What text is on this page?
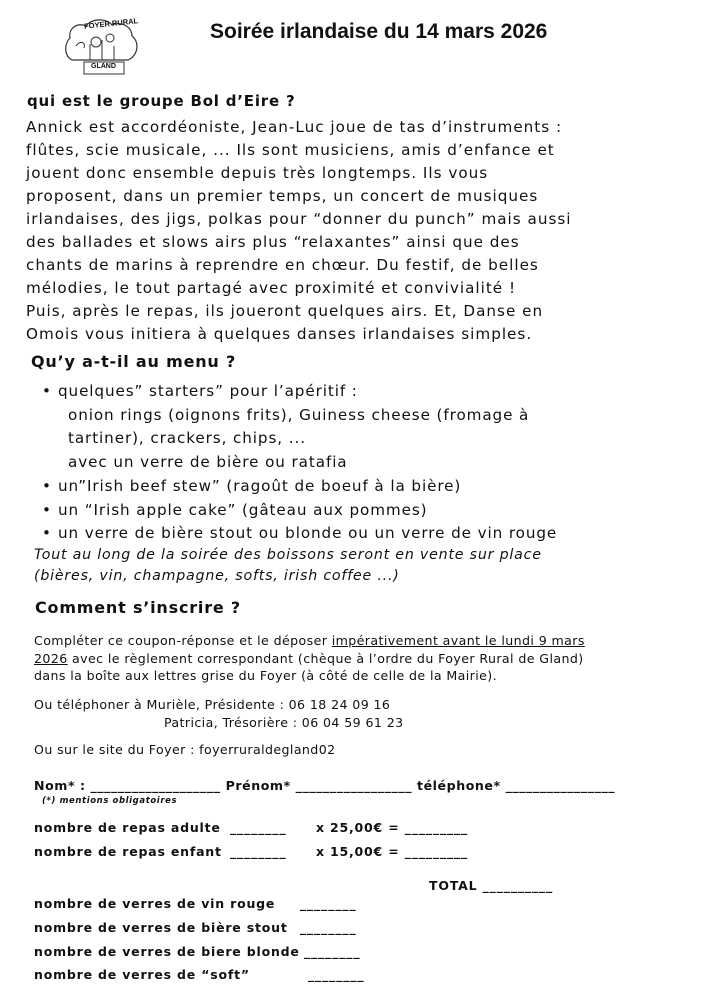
FOYER RURAL
GLAND
Soirée irlandaise du 14 mars 2026
qui est le groupe Bol d’Eire ?
Annick est accordéoniste, Jean-Luc joue de tas d’instruments :
flûtes, scie musicale, ... Ils sont musiciens, amis d’enfance et
jouent donc ensemble depuis très longtemps. Ils vous
proposent, dans un premier temps, un concert de musiques
irlandaises, des jigs, polkas pour “donner du punch” mais aussi
des ballades et slows airs plus “relaxantes” ainsi que des
chants de marins à reprendre en chœur. Du festif, de belles
mélodies, le tout partagé avec proximité et convivialité !
Puis, après le repas, ils joueront quelques airs. Et, Danse en
Omois vous initiera à quelques danses irlandaises simples.
Qu’y a-t-il au menu ?
• quelques” starters” pour l’apéritif :
onion rings (oignons frits), Guiness cheese (fromage à
tartiner), crackers, chips, ...
avec un verre de bière ou ratafia
• un”Irish beef stew” (ragoût de boeuf à la bière)
• un “Irish apple cake” (gâteau aux pommes)
• un verre de bière stout ou blonde ou un verre de vin rouge
Tout au long de la soirée des boissons seront en vente sur place
(bières, vin, champagne, softs, irish coffee ...)
Comment s’inscrire ?
Compléter ce coupon-réponse et le déposer impérativement avant le lundi 9 mars
2026 avec le règlement correspondant (chèque à l’ordre du Foyer Rural de Gland)
dans la boîte aux lettres grise du Foyer (à côté de celle de la Mairie).
Ou téléphoner à Murièle, Présidente : 06 18 24 09 16
Patricia, Trésorière : 06 04 59 61 23
Ou sur le site du Foyer : foyerruraldegland02
Nom* : ___________________ Prénom* _________________ téléphone* ________________
(*) mentions obligatoires
nombre de repas adulte ________ x 25,00€ = _________
nombre de repas enfant ________ x 15,00€ = _________
TOTAL __________
nombre de verres de vin rouge ________
nombre de verres de bière stout ________
nombre de verres de biere blonde ________
nombre de verres de “soft”	________
